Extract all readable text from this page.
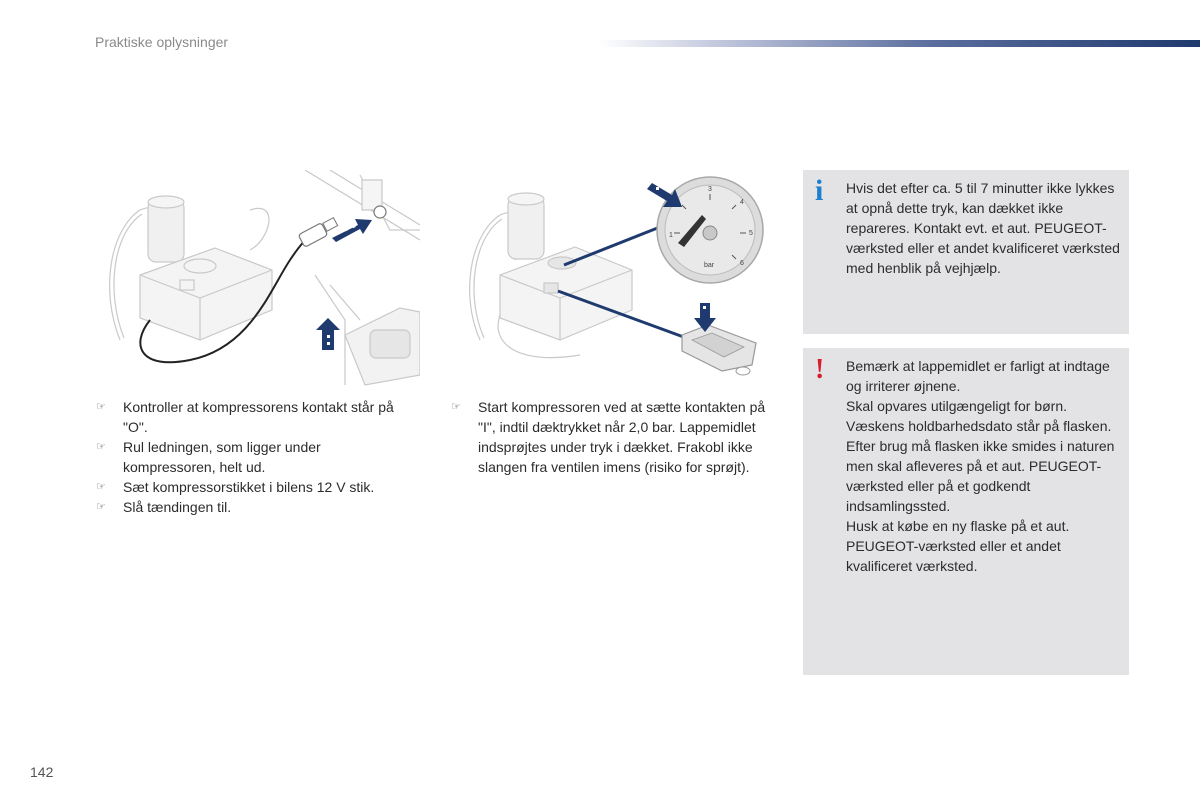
Praktiske oplysninger
1
3
4
5
6
bar
☞ Kontroller at kompressorens kontakt står på "O".
☞ Rul ledningen, som ligger under kompressoren, helt ud.
☞ Sæt kompressorstikket i bilens 12 V stik.
☞ Slå tændingen til.
☞ Start kompressoren ved at sætte kontakten på "I", indtil dæktrykket når 2,0 bar. Lappemidlet indsprøjtes under tryk i dækket. Frakobl ikke slangen fra ventilen imens (risiko for sprøjt).
i Hvis det efter ca. 5 til 7 minutter ikke lykkes at opnå dette tryk, kan dækket ikke repareres. Kontakt evt. et aut. PEUGEOT-værksted eller et andet kvalificeret værksted med henblik på vejhjælp.

! Bemærk at lappemidlet er farligt at indtage og irriterer øjnene.

Skal opvares utilgængeligt for børn.

Væskens holdbarhedsdato står på flasken.

Efter brug må flasken ikke smides i naturen men skal afleveres på et aut. PEUGEOT-værksted eller på et godkendt indsamlingssted.

Husk at købe en ny flaske på et aut. PEUGEOT-værksted eller et andet kvalificeret værksted.

142
